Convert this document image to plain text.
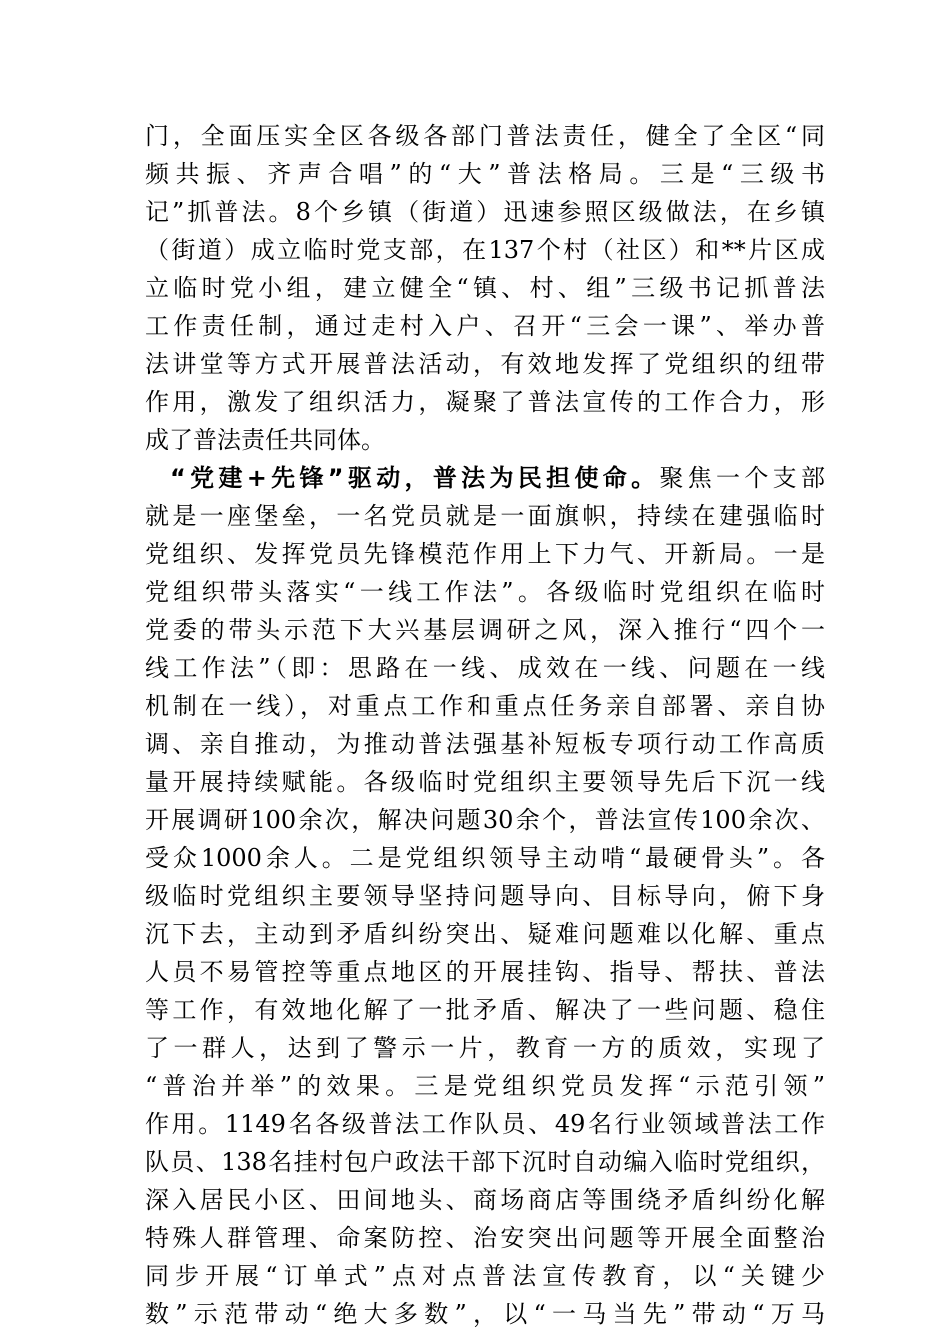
门，全面压实全区各级各部门普法责任，健全了全区“同
频共振、齐声合唱”的“大”普法格局。三是“三级书
记”抓普法。8个乡镇（街道）迅速参照区级做法，在乡镇
（街道）成立临时党支部，在137个村（社区）和**片区成
立临时党小组，建立健全“镇、村、组”三级书记抓普法
工作责任制，通过走村入户、召开“三会一课”、举办普
法讲堂等方式开展普法活动，有效地发挥了党组织的纽带
作用，激发了组织活力，凝聚了普法宣传的工作合力，形
成了普法责任共同体。
“党建+先锋”驱动，普法为民担使命。聚焦一个支部
就是一座堡垒，一名党员就是一面旗帜，持续在建强临时
党组织、发挥党员先锋模范作用上下力气、开新局。一是
党组织带头落实“一线工作法”。各级临时党组织在临时
党委的带头示范下大兴基层调研之风，深入推行“四个一
线工作法”（即：思路在一线、成效在一线、问题在一线
机制在一线），对重点工作和重点任务亲自部署、亲自协
调、亲自推动，为推动普法强基补短板专项行动工作高质
量开展持续赋能。各级临时党组织主要领导先后下沉一线
开展调研100余次，解决问题30余个，普法宣传100余次、
受众1000余人。二是党组织领导主动啃“最硬骨头”。各
级临时党组织主要领导坚持问题导向、目标导向，俯下身
沉下去，主动到矛盾纠纷突出、疑难问题难以化解、重点
人员不易管控等重点地区的开展挂钩、指导、帮扶、普法
等工作，有效地化解了一批矛盾、解决了一些问题、稳住
了一群人，达到了警示一片，教育一方的质效，实现了
“普治并举”的效果。三是党组织党员发挥“示范引领”
作用。1149名各级普法工作队员、49名行业领域普法工作
队员、138名挂村包户政法干部下沉时自动编入临时党组织，
深入居民小区、田间地头、商场商店等围绕矛盾纠纷化解
特殊人群管理、命案防控、治安突出问题等开展全面整治
同步开展“订单式”点对点普法宣传教育，以“关键少
数”示范带动“绝大多数”，以“一马当先”带动“万马
